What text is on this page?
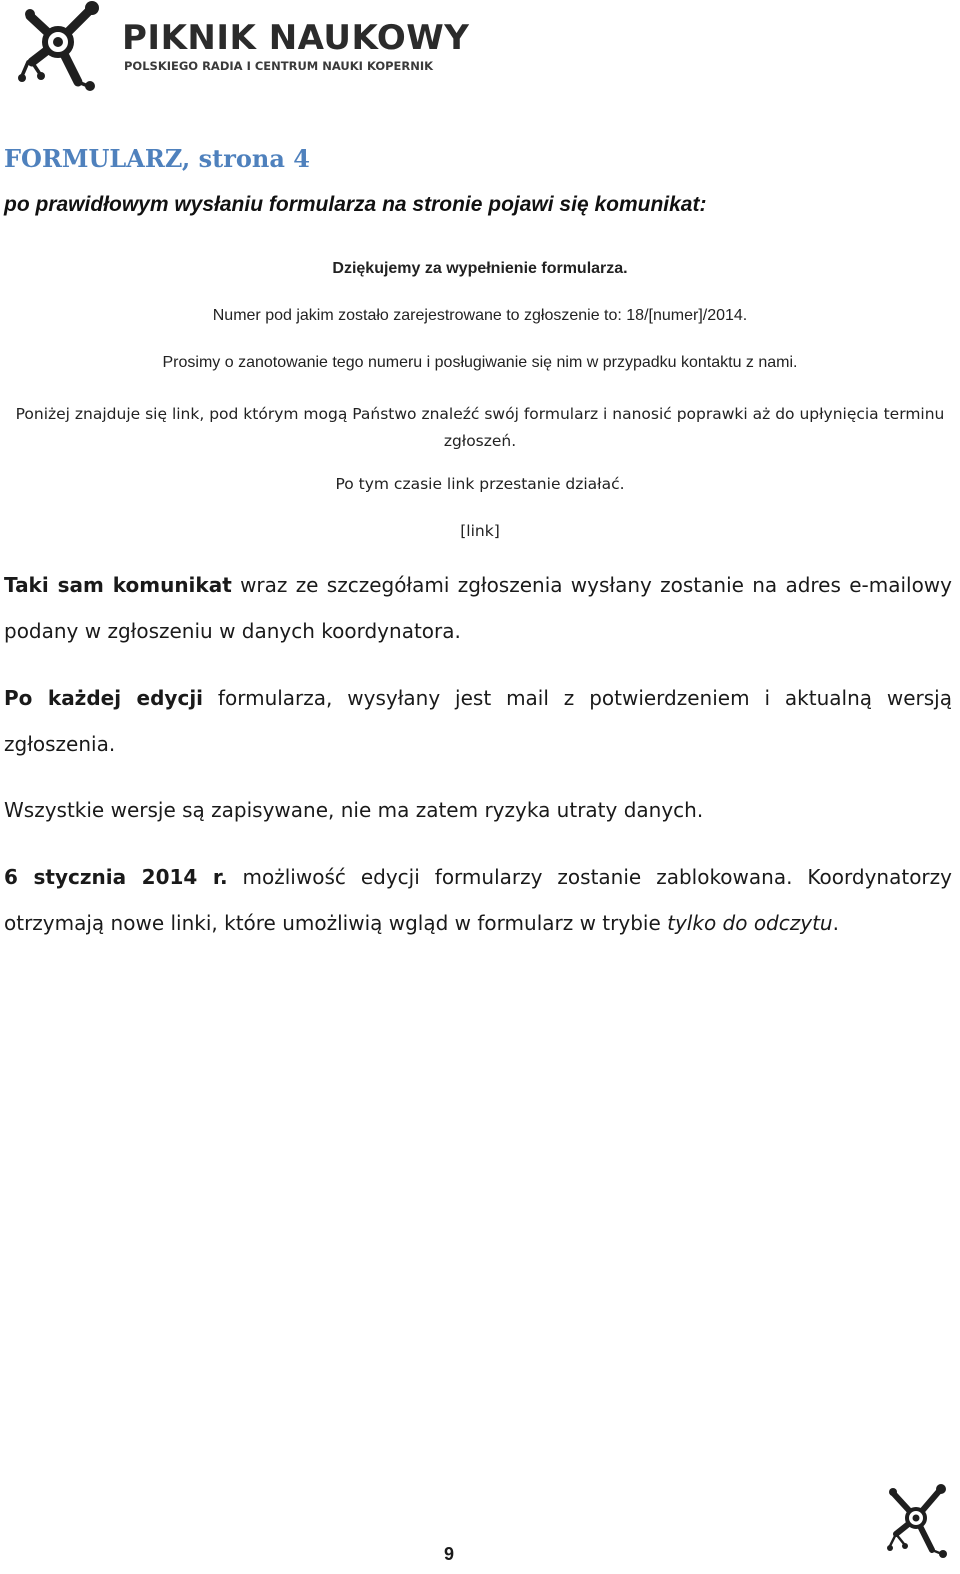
PIKNIK NAUKOWY
POLSKIEGO RADIA I CENTRUM NAUKI KOPERNIK
FORMULARZ, strona 4

po prawidłowym wysłaniu formularza na stronie pojawi się komunikat:

Dziękujemy za wypełnienie formularza.

Numer pod jakim zostało zarejestrowane to zgłoszenie to: 18/[numer]/2014.

Prosimy o zanotowanie tego numeru i posługiwanie się nim w przypadku kontaktu z nami.

Poniżej znajduje się link, pod którym mogą Państwo znaleźć swój formularz i nanosić poprawki aż do upłynięcia terminu zgłoszeń.

Po tym czasie link przestanie działać.

[link]

Taki sam komunikat wraz ze szczegółami zgłoszenia wysłany zostanie na adres e-mailowy podany w zgłoszeniu w danych koordynatora.

Po każdej edycji formularza, wysyłany jest mail z potwierdzeniem i aktualną wersją zgłoszenia.

Wszystkie wersje są zapisywane, nie ma zatem ryzyka utraty danych.

6 stycznia 2014 r. możliwość edycji formularzy zostanie zablokowana. Koordynatorzy otrzymają nowe linki, które umożliwią wgląd w formularz w trybie tylko do odczytu.

9
